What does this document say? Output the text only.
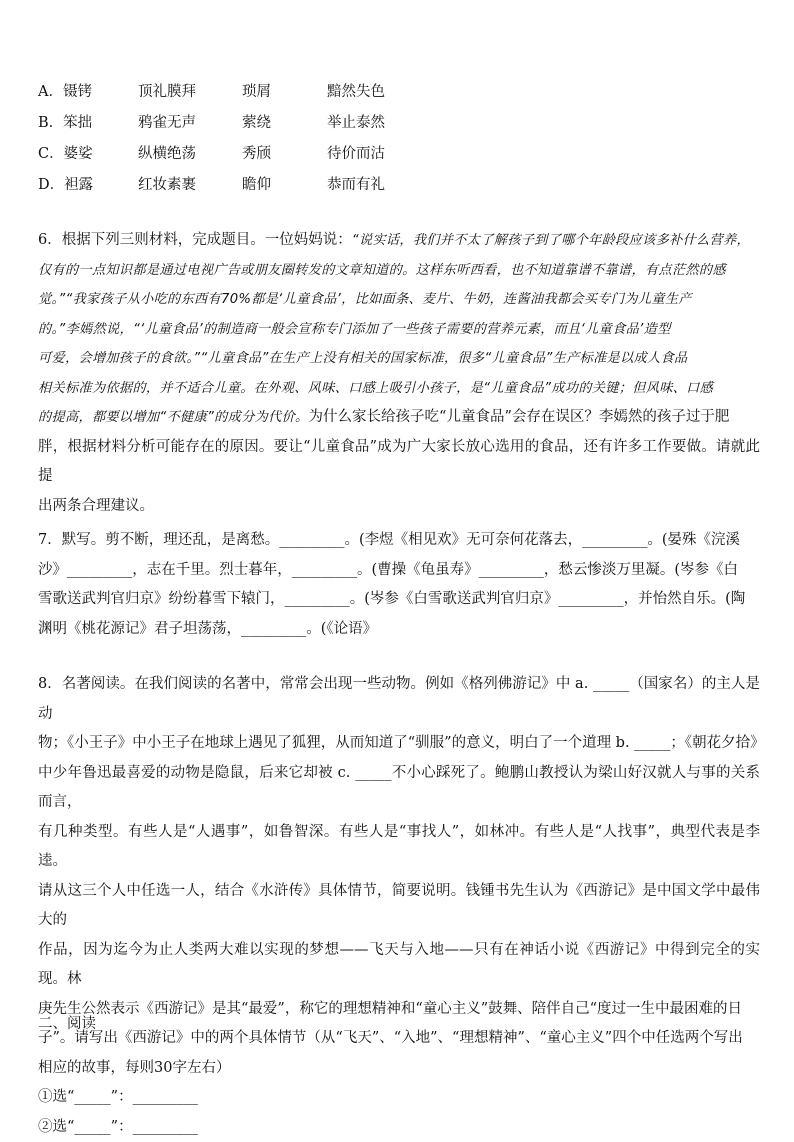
A．镊铐	顶礼膜拜	琐屑	黯然失色
B．笨拙	鸦雀无声	萦绕	举止泰然
C．婆娑	纵横绝荡	秀颀	待价而沽
D．袒露	红妆素裹	瞻仰	恭而有礼
6．根据下列三则材料，完成题目。一位妈妈说：“说实话，我们并不太了解孩子到了哪个年龄段应该多补什么营养，
仅有的一点知识都是通过电视广告或朋友圈转发的文章知道的。这样东听西看，也不知道靠谱不靠谱，有点茫然的感
觉。”“我家孩子从小吃的东西有70%都是‘儿童食品’，比如面条、麦片、牛奶，连酱油我都会买专门为儿童生产
的。”李嫣然说，“‘儿童食品’的制造商一般会宣称专门添加了一些孩子需要的营养元素，而且‘儿童食品’造型
可爱，会增加孩子的食欲。”“儿童食品”在生产上没有相关的国家标准，很多“儿童食品”生产标准是以成人食品
相关标准为依据的，并不适合儿童。在外观、风味、口感上吸引小孩子，是“儿童食品”成功的关键；但风味、口感
的提高，都要以增加“不健康”的成分为代价。为什么家长给孩子吃“儿童食品”会存在误区？李嫣然的孩子过于肥
胖，根据材料分析可能存在的原因。要让“儿童食品”成为广大家长放心选用的食品，还有许多工作要做。请就此提
出两条合理建议。
7．默写。剪不断，理还乱，是离愁。_________。(李煜《相见欢》无可奈何花落去，_________。(晏殊《浣溪
沙》_________，志在千里。烈士暮年，_________。(曹操《龟虽寿》_________，愁云惨淡万里凝。(岑参《白
雪歌送武判官归京》纷纷暮雪下辕门，_________。(岑参《白雪歌送武判官归京》_________，并怡然自乐。(陶
渊明《桃花源记》君子坦荡荡，_________。(《论语》
8．名著阅读。在我们阅读的名著中，常常会出现一些动物。例如《格列佛游记》中 a. _____（国家名）的主人是动
物；《小王子》中小王子在地球上遇见了狐狸，从而知道了“驯服”的意义，明白了一个道理 b. _____；《朝花夕拾》
中少年鲁迅最喜爱的动物是隐鼠，后来它却被 c. _____不小心踩死了。鲍鹏山教授认为梁山好汉就人与事的关系而言，
有几种类型。有些人是“人遇事”，如鲁智深。有些人是“事找人”，如林冲。有些人是“人找事”，典型代表是李逵。
请从这三个人中任选一人，结合《水浒传》具体情节，简要说明。钱锺书先生认为《西游记》是中国文学中最伟大的
作品，因为迄今为止人类两大难以实现的梦想——飞天与入地——只有在神话小说《西游记》中得到完全的实现。林
庚先生公然表示《西游记》是其“最爱”，称它的理想精神和“童心主义”鼓舞、陪伴自己“度过一生中最困难的日
子”。请写出《西游记》中的两个具体情节（从“飞天”、“入地”、“理想精神”、“童心主义”四个中任选两个写出
相应的故事，每则30字左右）
①选“_____”：_________
②选“_____”：_________
二、阅读
